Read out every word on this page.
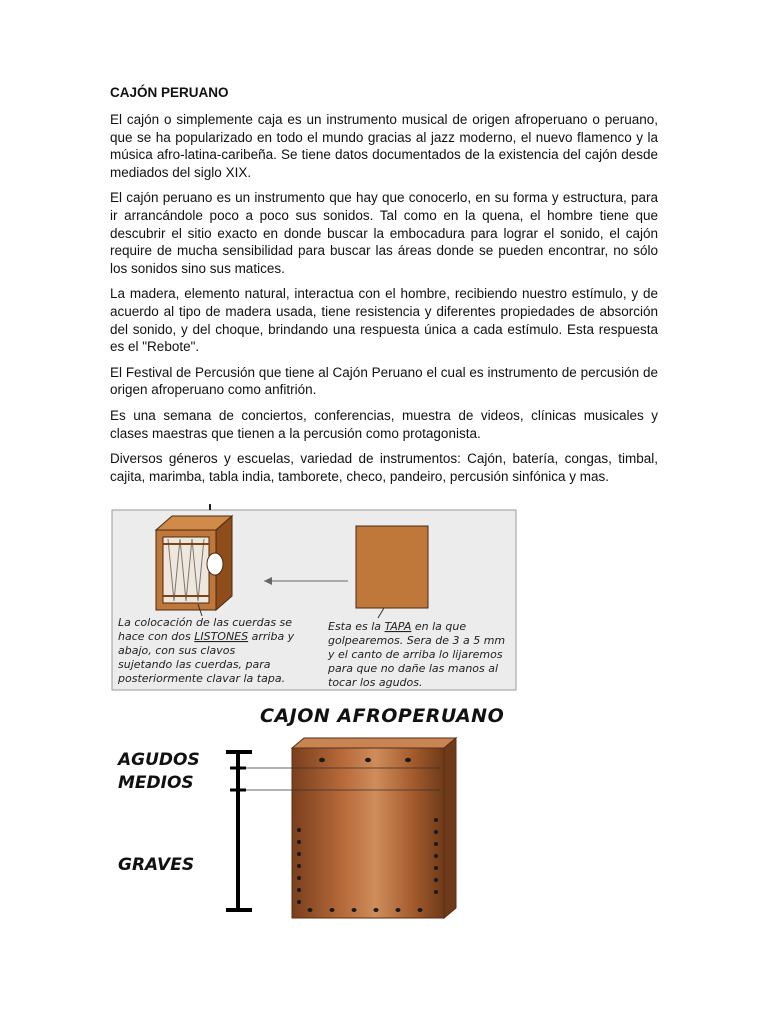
CAJÓN PERUANO

El cajón o simplemente caja es un instrumento musical de origen afroperuano o peruano, que se ha popularizado en todo el mundo gracias al jazz moderno, el nuevo flamenco y la música afro-latina-caribeña. Se tiene datos documentados de la existencia del cajón desde mediados del siglo XIX.

El cajón peruano es un instrumento que hay que conocerlo, en su forma y estructura, para ir arrancándole poco a poco sus sonidos. Tal como en la quena, el hombre tiene que descubrir el sitio exacto en donde buscar la embocadura para lograr el sonido, el cajón require de mucha sensibilidad para buscar las áreas donde se pueden encontrar, no sólo los sonidos sino sus matices.

La madera, elemento natural, interactua con el hombre, recibiendo nuestro estímulo, y de acuerdo al tipo de madera usada, tiene resistencia y diferentes propiedades de absorción del sonido, y del choque, brindando una respuesta única a cada estímulo. Esta respuesta es el "Rebote".

El Festival de Percusión que tiene al Cajón Peruano el cual es instrumento de percusión de origen afroperuano como anfitrión.

Es una semana de conciertos, conferencias, muestra de videos, clínicas musicales y clases maestras que tienen a la percusión como protagonista.

Diversos géneros y escuelas, variedad de instrumentos: Cajón, batería, congas, timbal, cajita, marimba, tabla india, tamborete, checo, pandeiro, percusión sinfónica y mas.

La colocación de las cuerdas se hace con dos LISTONES arriba y abajo, con sus clavos sujetando las cuerdas, para posteriormente clavar la tapa.
Esta es la TAPA en la que golpearemos. Sera de 3 a 5 mm y el canto de arriba lo lijaremos para que no dañe las manos al tocar los agudos.
CAJON AFROPERUANO
AGUDOS
MEDIOS
GRAVES
